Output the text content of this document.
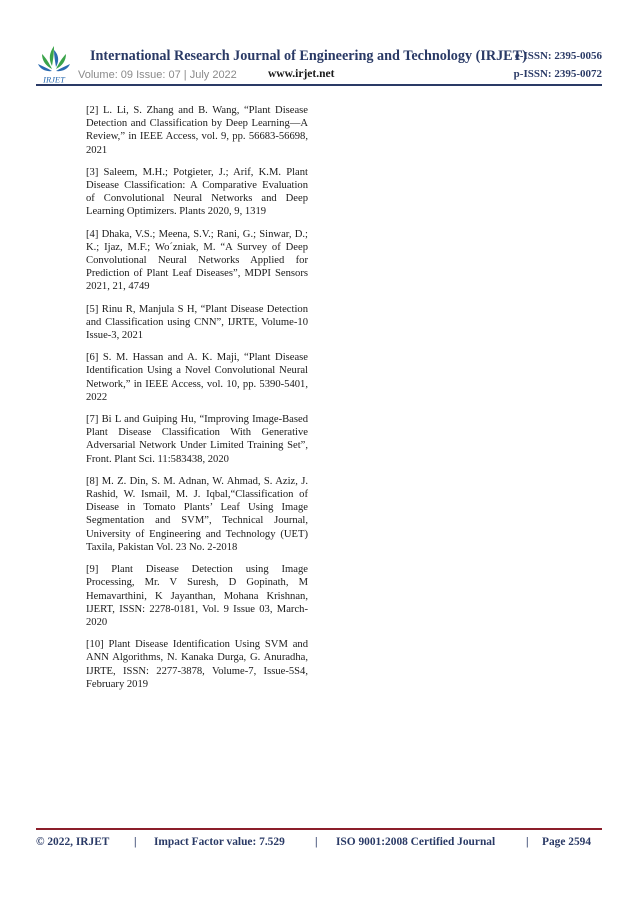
IRJET
International Research Journal of Engineering and Technology (IRJET)
e-ISSN: 2395-0056
Volume: 09 Issue: 07 | July 2022	www.irjet.net	p-ISSN: 2395-0072

[2] L. Li, S. Zhang and B. Wang, “Plant Disease Detection and Classification by Deep Learning—A Review,” in IEEE Access, vol. 9, pp. 56683-56698, 2021

[3] Saleem, M.H.; Potgieter, J.; Arif, K.M. Plant Disease Classification: A Comparative Evaluation of Convolutional Neural Networks and Deep Learning Optimizers. Plants 2020, 9, 1319

[4] Dhaka, V.S.; Meena, S.V.; Rani, G.; Sinwar, D.; K.; Ijaz, M.F.; Wo´zniak, M. “A Survey of Deep Convolutional Neural Networks Applied for Prediction of Plant Leaf Diseases”, MDPI Sensors 2021, 21, 4749

[5] Rinu R, Manjula S H, “Plant Disease Detection and Classification using CNN”, IJRTE, Volume-10 Issue-3, 2021

[6] S. M. Hassan and A. K. Maji, “Plant Disease Identification Using a Novel Convolutional Neural Network,” in IEEE Access, vol. 10, pp. 5390-5401, 2022

[7] Bi L and Guiping Hu, “Improving Image-Based Plant Disease Classification With Generative Adversarial Network Under Limited Training Set”, Front. Plant Sci. 11:583438, 2020

[8] M. Z. Din, S. M. Adnan, W. Ahmad, S. Aziz, J. Rashid, W. Ismail, M. J. Iqbal,“Classification of Disease in Tomato Plants’ Leaf Using Image Segmentation and SVM”, Technical Journal, University of Engineering and Technology (UET) Taxila, Pakistan Vol. 23 No. 2-2018

[9] Plant Disease Detection using Image Processing, Mr. V Suresh, D Gopinath, M Hemavarthini, K Jayanthan, Mohana Krishnan, IJERT, ISSN: 2278-0181, Vol. 9 Issue 03, March-2020

[10] Plant Disease Identification Using SVM and ANN Algorithms, N. Kanaka Durga, G. Anuradha, IJRTE, ISSN: 2277-3878, Volume-7, Issue-5S4, February 2019

© 2022, IRJET | Impact Factor value: 7.529	| ISO 9001:2008 Certified Journal	| Page 2594
